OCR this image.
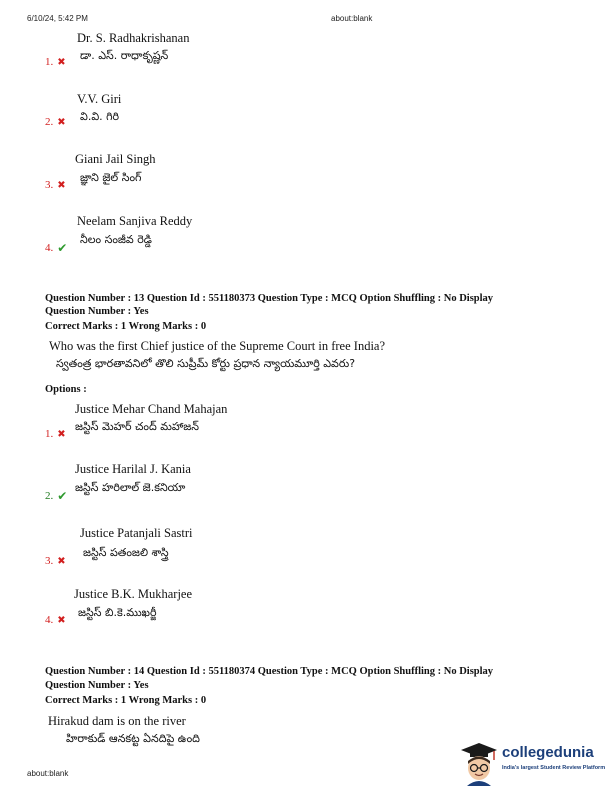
6/10/24, 5:42 PM	about:blank
Dr. S. Radhakrishanan
డా. ఎస్. రాధాకృష్ణన్
1. ✖
V.V. Giri
వి.వి. గిరి
2. ✖
Giani Jail Singh
జ్ఞాని జైల్ సింగ్
3. ✖
Neelam Sanjiva Reddy
నీలం సంజీవ రెడ్డి
4. ✔
Question Number : 13 Question Id : 551180373 Question Type : MCQ Option Shuffling : No Display
Question Number : Yes
Correct Marks : 1 Wrong Marks : 0
Who was the first Chief justice of the Supreme Court in free India?
స్వతంత్ర భారతావనిలో తొలి సుప్రీమ్ కోర్టు ప్రధాన న్యాయమూర్తి ఎవరు?
Options :
Justice Mehar Chand Mahajan
జస్టిస్ మెహర్ చంద్ మహాజన్
1. ✖
Justice Harilal J. Kania
జస్టిస్ హరిలాల్ జె.కనియా
2. ✔
Justice Patanjali Sastri
జస్టిస్ పతంజలి శాస్త్రి
3. ✖
Justice B.K. Mukharjee
జస్టిస్ బి.కె.ముఖర్జీ
4. ✖
Question Number : 14 Question Id : 551180374 Question Type : MCQ Option Shuffling : No Display
Question Number : Yes
Correct Marks : 1 Wrong Marks : 0
Hirakud dam is on the river
హిరాకుడ్ ఆనకట్ట ఏనదిపై ఉంది
about:blank
collegedunia
India's largest Student Review Platform
